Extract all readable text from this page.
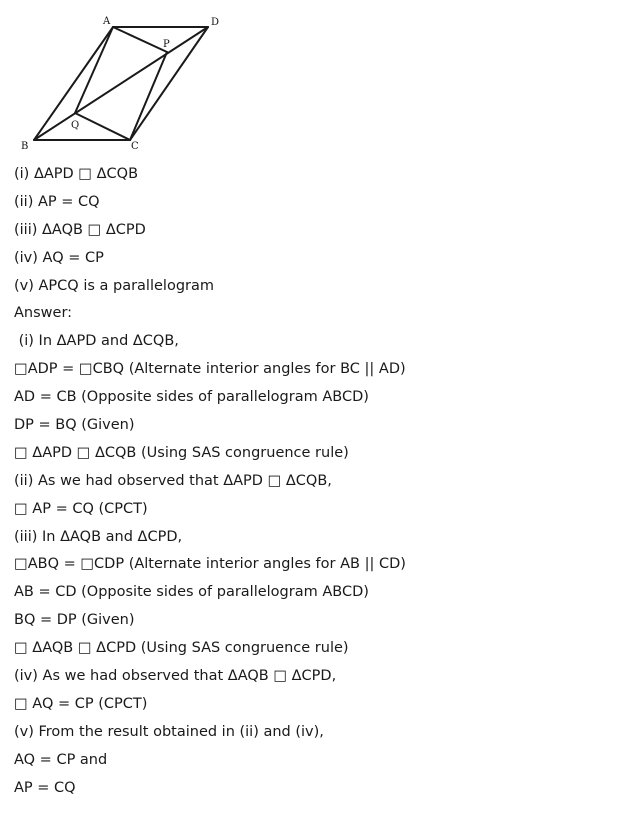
A	D
P
Q
B	C
(i) ΔAPD □ ΔCQB
(ii) AP = CQ
(iii) ΔAQB □ ΔCPD
(iv) AQ = CP
(v) APCQ is a parallelogram
Answer:
(i) In ΔAPD and ΔCQB,
□ADP = □CBQ (Alternate interior angles for BC || AD)
AD = CB (Opposite sides of parallelogram ABCD)
DP = BQ (Given)
□ ΔAPD □ ΔCQB (Using SAS congruence rule)
(ii) As we had observed that ΔAPD □ ΔCQB,
□ AP = CQ (CPCT)
(iii) In ΔAQB and ΔCPD,
□ABQ = □CDP (Alternate interior angles for AB || CD)
AB = CD (Opposite sides of parallelogram ABCD)
BQ = DP (Given)
□ ΔAQB □ ΔCPD (Using SAS congruence rule)
(iv) As we had observed that ΔAQB □ ΔCPD,
□ AQ = CP (CPCT)
(v) From the result obtained in (ii) and (iv),
AQ = CP and
AP = CQ
